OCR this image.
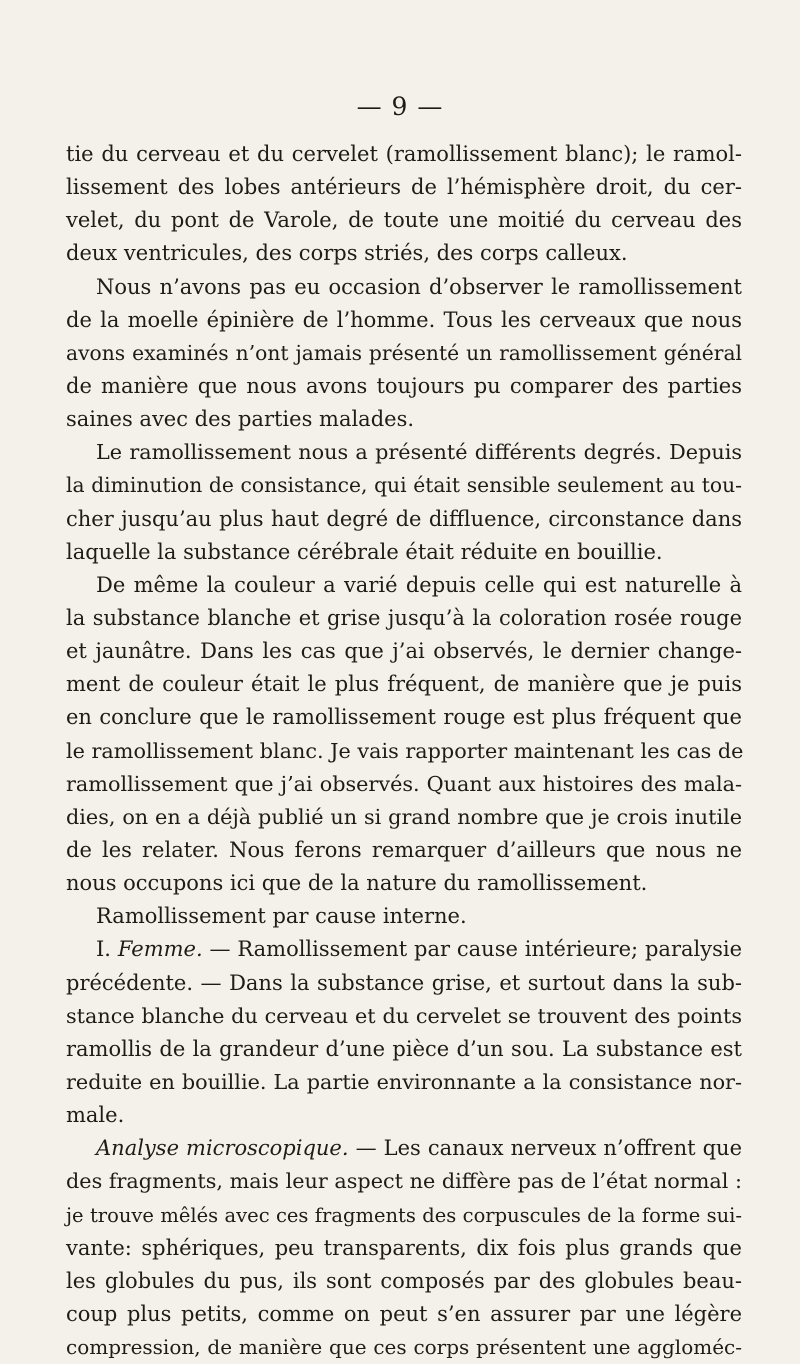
— 9 —
tie du cerveau et du cervelet (ramollissement blanc); le ramol-
lissement des lobes antérieurs de l’hémisphère droit, du cer-
velet, du pont de Varole, de toute une moitié du cerveau des
deux ventricules, des corps striés, des corps calleux.
Nous n’avons pas eu occasion d’observer le ramollissement
de la moelle épinière de l’homme. Tous les cerveaux que nous
avons examinés n’ont jamais présenté un ramollissement général
de manière que nous avons toujours pu comparer des parties
saines avec des parties malades.
Le ramollissement nous a présenté différents degrés. Depuis
la diminution de consistance, qui était sensible seulement au tou-
cher jusqu’au plus haut degré de diffluence, circonstance dans
laquelle la substance cérébrale était réduite en bouillie.
De même la couleur a varié depuis celle qui est naturelle à
la substance blanche et grise jusqu’à la coloration rosée rouge
et jaunâtre. Dans les cas que j’ai observés, le dernier change-
ment de couleur était le plus fréquent, de manière que je puis
en conclure que le ramollissement rouge est plus fréquent que
le ramollissement blanc. Je vais rapporter maintenant les cas de
ramollissement que j’ai observés. Quant aux histoires des mala-
dies, on en a déjà publié un si grand nombre que je crois inutile
de les relater. Nous ferons remarquer d’ailleurs que nous ne
nous occupons ici que de la nature du ramollissement.
Ramollissement par cause interne.
I. Femme. — Ramollissement par cause intérieure; paralysie
précédente. — Dans la substance grise, et surtout dans la sub-
stance blanche du cerveau et du cervelet se trouvent des points
ramollis de la grandeur d’une pièce d’un sou. La substance est
reduite en bouillie. La partie environnante a la consistance nor-
male.
Analyse microscopique. — Les canaux nerveux n’offrent que
des fragments, mais leur aspect ne diffère pas de l’état normal :
je trouve mêlés avec ces fragments des corpuscules de la forme sui-
vante: sphériques, peu transparents, dix fois plus grands que
les globules du pus, ils sont composés par des globules beau-
coup plus petits, comme on peut s’en assurer par une légère
compression, de manière que ces corps présentent une aggloméc-
